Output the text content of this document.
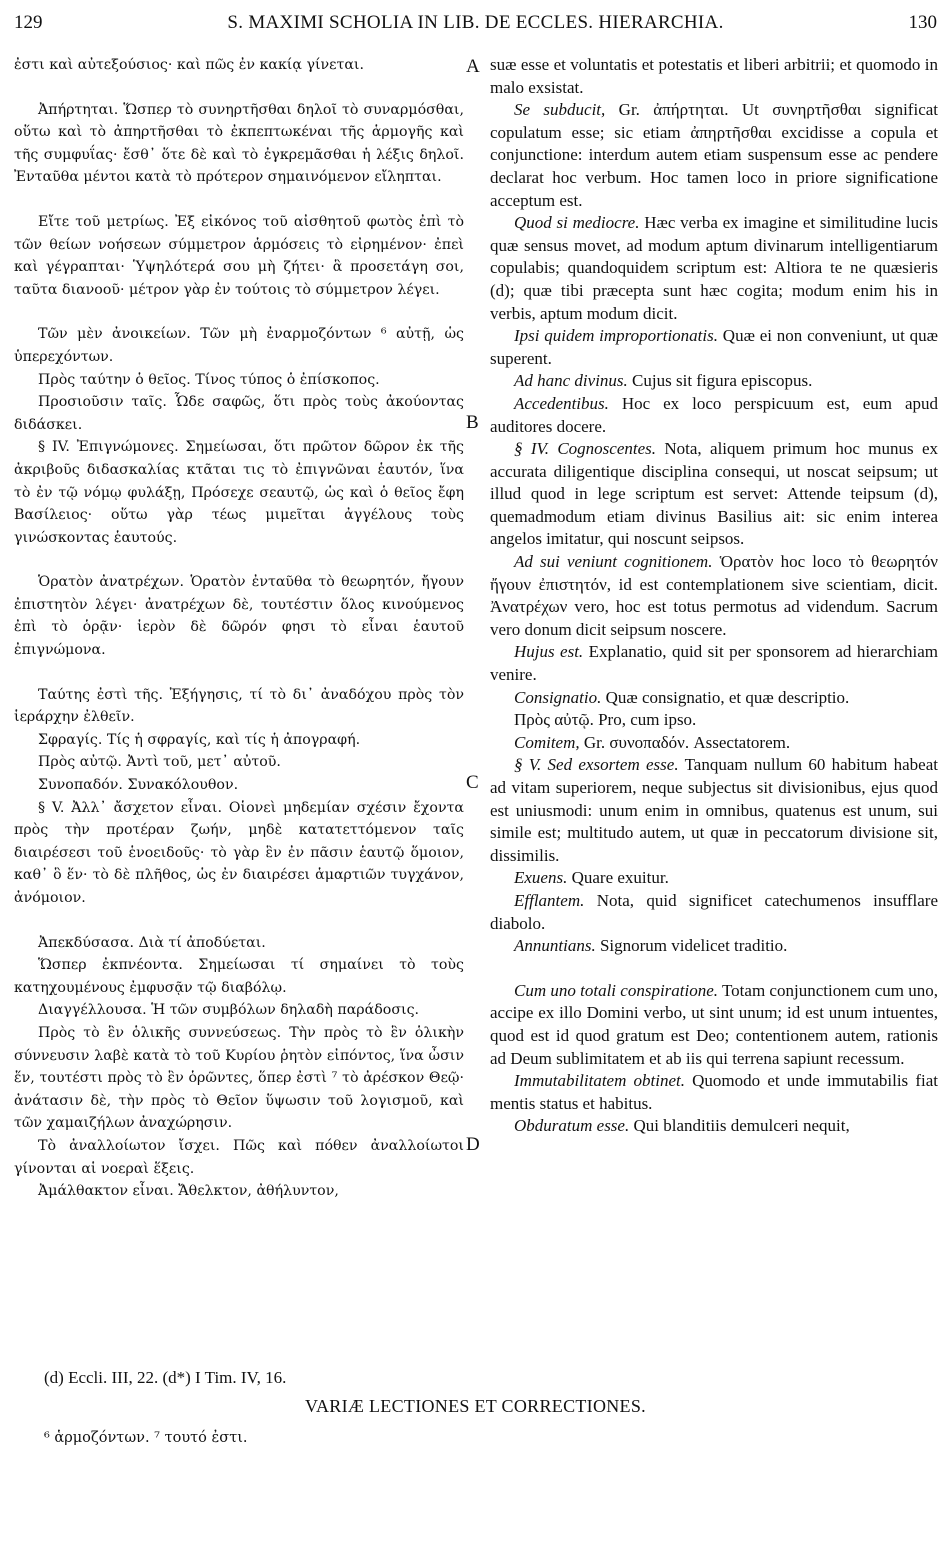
129	S. MAXIMI SCHOLIA IN LIB. DE ECCLES. HIERARCHIA.	130
A
B
C
D

ἐστι καὶ αὐτεξούσιος· καὶ πῶς ἐν κακίᾳ γίνεται.

Ἀπήρτηται. Ὥσπερ τὸ συνηρτῆσθαι δηλοῖ τὸ συναρμόσθαι, οὕτω καὶ τὸ ἀπηρτῆσθαι τὸ ἐκπεπτωκέναι τῆς ἁρμογῆς καὶ τῆς συμφυΐας· ἔσθ᾽ ὅτε δὲ καὶ τὸ ἐγκρεμᾶσθαι ἡ λέξις δηλοῖ. Ἐνταῦθα μέντοι κατὰ τὸ πρότερον σημαινόμενον εἴληπται.

Εἴτε τοῦ μετρίως. Ἐξ εἰκόνος τοῦ αἰσθητοῦ φωτὸς ἐπὶ τὸ τῶν θείων νοήσεων σύμμετρον ἁρμόσεις τὸ εἰρημένον· ἐπεὶ καὶ γέγραπται· Ὑψηλότερά σου μὴ ζήτει· ἃ προσετάγη σοι, ταῦτα διανοοῦ· μέτρον γὰρ ἐν τούτοις τὸ σύμμετρον λέγει.

Τῶν μὲν ἀνοικείων. Τῶν μὴ ἐναρμοζόντων ⁶ αὐτῇ, ὡς ὑπερεχόντων.

Πρὸς ταύτην ὁ θεῖος. Τίνος τύπος ὁ ἐπίσκοπος.

Προσιοῦσιν ταῖς. Ὧδε σαφῶς, ὅτι πρὸς τοὺς ἀκούοντας διδάσκει.

§ IV. Ἐπιγνώμονες. Σημείωσαι, ὅτι πρῶτον δῶρον ἐκ τῆς ἀκριβοῦς διδασκαλίας κτᾶται τις τὸ ἐπιγνῶναι ἑαυτόν, ἵνα τὸ ἐν τῷ νόμῳ φυλάξῃ, Πρόσεχε σεαυτῷ, ὡς καὶ ὁ θεῖος ἔφη Βασίλειος· οὕτω γὰρ τέως μιμεῖται ἀγγέλους τοὺς γινώσκοντας ἑαυτούς.

Ὁρατὸν ἀνατρέχων. Ὁρατὸν ἐνταῦθα τὸ θεωρητόν, ἤγουν ἐπιστητὸν λέγει· ἀνατρέχων δὲ, τουτέστιν ὅλος κινούμενος ἐπὶ τὸ ὁρᾷν· ἱερὸν δὲ δῶρόν φησι τὸ εἶναι ἑαυτοῦ ἐπιγνώμονα.

Ταύτης ἐστὶ τῆς. Ἐξήγησις, τί τὸ δι᾽ ἀναδόχου πρὸς τὸν ἱεράρχην ἐλθεῖν.

Σφραγίς. Τίς ἡ σφραγίς, καὶ τίς ἡ ἀπογραφή.

Πρὸς αὐτῷ. Ἀντὶ τοῦ, μετ᾽ αὐτοῦ.

Συνοπαδόν. Συνακόλουθον.

§ V. Ἀλλ᾽ ἄσχετον εἶναι. Οἱονεὶ μηδεμίαν σχέσιν ἔχοντα πρὸς τὴν προτέραν ζωήν, μηδὲ κατατεττόμενον ταῖς διαιρέσεσι τοῦ ἑνοειδοῦς· τὸ γὰρ ἓν ἐν πᾶσιν ἑαυτῷ ὅμοιον, καθ᾽ ὃ ἕν· τὸ δὲ πλῆθος, ὡς ἐν διαιρέσει ἁμαρτιῶν τυγχάνον, ἀνόμοιον.

Ἀπεκδύσασα. Διὰ τί ἀποδύεται.

Ὥσπερ ἐκπνέοντα. Σημείωσαι τί σημαίνει τὸ τοὺς κατηχουμένους ἐμφυσᾷν τῷ διαβόλῳ.

Διαγγέλλουσα. Ἡ τῶν συμβόλων δηλαδὴ παράδοσις.

Πρὸς τὸ ἓν ὁλικῆς συννεύσεως. Τὴν πρὸς τὸ ἓν ὁλικὴν σύννευσιν λαβὲ κατὰ τὸ τοῦ Κυρίου ῥητὸν εἰπόντος, ἵνα ὦσιν ἕν, τουτέστι πρὸς τὸ ἓν ὁρῶντες, ὅπερ ἐστὶ ⁷ τὸ ἀρέσκον Θεῷ· ἀνάτασιν δὲ, τὴν πρὸς τὸ Θεῖον ὕψωσιν τοῦ λογισμοῦ, καὶ τῶν χαμαιζήλων ἀναχώρησιν.

Τὸ ἀναλλοίωτον ἴσχει. Πῶς καὶ πόθεν ἀναλλοίωτοι γίνονται αἱ νοεραὶ ἕξεις.

Ἀμάλθακτον εἶναι. Ἄθελκτον, ἀθήλυντον,

suæ esse et voluntatis et potestatis et liberi arbitrii; et quomodo in malo exsistat.

Se subducit, Gr. ἀπήρτηται. Ut συνηρτῆσθαι significat copulatum esse; sic etiam ἀπηρτῆσθαι excidisse a copula et conjunctione: interdum autem etiam suspensum esse ac pendere declarat hoc verbum. Hoc tamen loco in priore significatione acceptum est.

Quod si mediocre. Hæc verba ex imagine et similitudine lucis quæ sensus movet, ad modum aptum divinarum intelligentiarum copulabis; quandoquidem scriptum est: Altiora te ne quæsieris (d); quæ tibi præcepta sunt hæc cogita; modum enim his in verbis, aptum modum dicit.

Ipsi quidem improportionatis. Quæ ei non conveniunt, ut quæ superent.

Ad hanc divinus. Cujus sit figura episcopus.

Accedentibus. Hoc ex loco perspicuum est, eum apud auditores docere.

§ IV. Cognoscentes. Nota, aliquem primum hoc munus ex accurata diligentique disciplina consequi, ut noscat seipsum; ut illud quod in lege scriptum est servet: Attende teipsum (d), quemadmodum etiam divinus Basilius ait: sic enim interea angelos imitatur, qui noscunt seipsos.

Ad sui veniunt cognitionem. Ὁρατὸν hoc loco τὸ θεωρητόν ἤγουν ἐπιστητόν, id est contemplationem sive scientiam, dicit. Ἀνατρέχων vero, hoc est totus permotus ad videndum. Sacrum vero donum dicit seipsum noscere.

Hujus est. Explanatio, quid sit per sponsorem ad hierarchiam venire.

Consignatio. Quæ consignatio, et quæ descriptio.

Πρὸς αὐτῷ. Pro, cum ipso.

Comitem, Gr. συνοπαδόν. Assectatorem.

§ V. Sed exsortem esse. Tanquam nullum 60 habitum habeat ad vitam superiorem, neque subjectus sit divisionibus, ejus quod est uniusmodi: unum enim in omnibus, quatenus est unum, sui simile est; multitudo autem, ut quæ in peccatorum divisione sit, dissimilis.

Exuens. Quare exuitur.

Efflantem. Nota, quid significet catechumenos insufflare diabolo.

Annuntians. Signorum videlicet traditio.

Cum uno totali conspiratione. Totam conjunctionem cum uno, accipe ex illo Domini verbo, ut sint unum; id est unum intuentes, quod est id quod gratum est Deo; contentionem autem, rationis ad Deum sublimitatem et ab iis qui terrena sapiunt recessum.

Immutabilitatem obtinet. Quomodo et unde immutabilis fiat mentis status et habitus.

Obduratum esse. Qui blanditiis demulceri nequit,

(d) Eccli. III, 22. (d*) I Tim. IV, 16.
VARIÆ LECTIONES ET CORRECTIONES.
⁶ ἁρμοζόντων. ⁷ τουτό ἐστι.
